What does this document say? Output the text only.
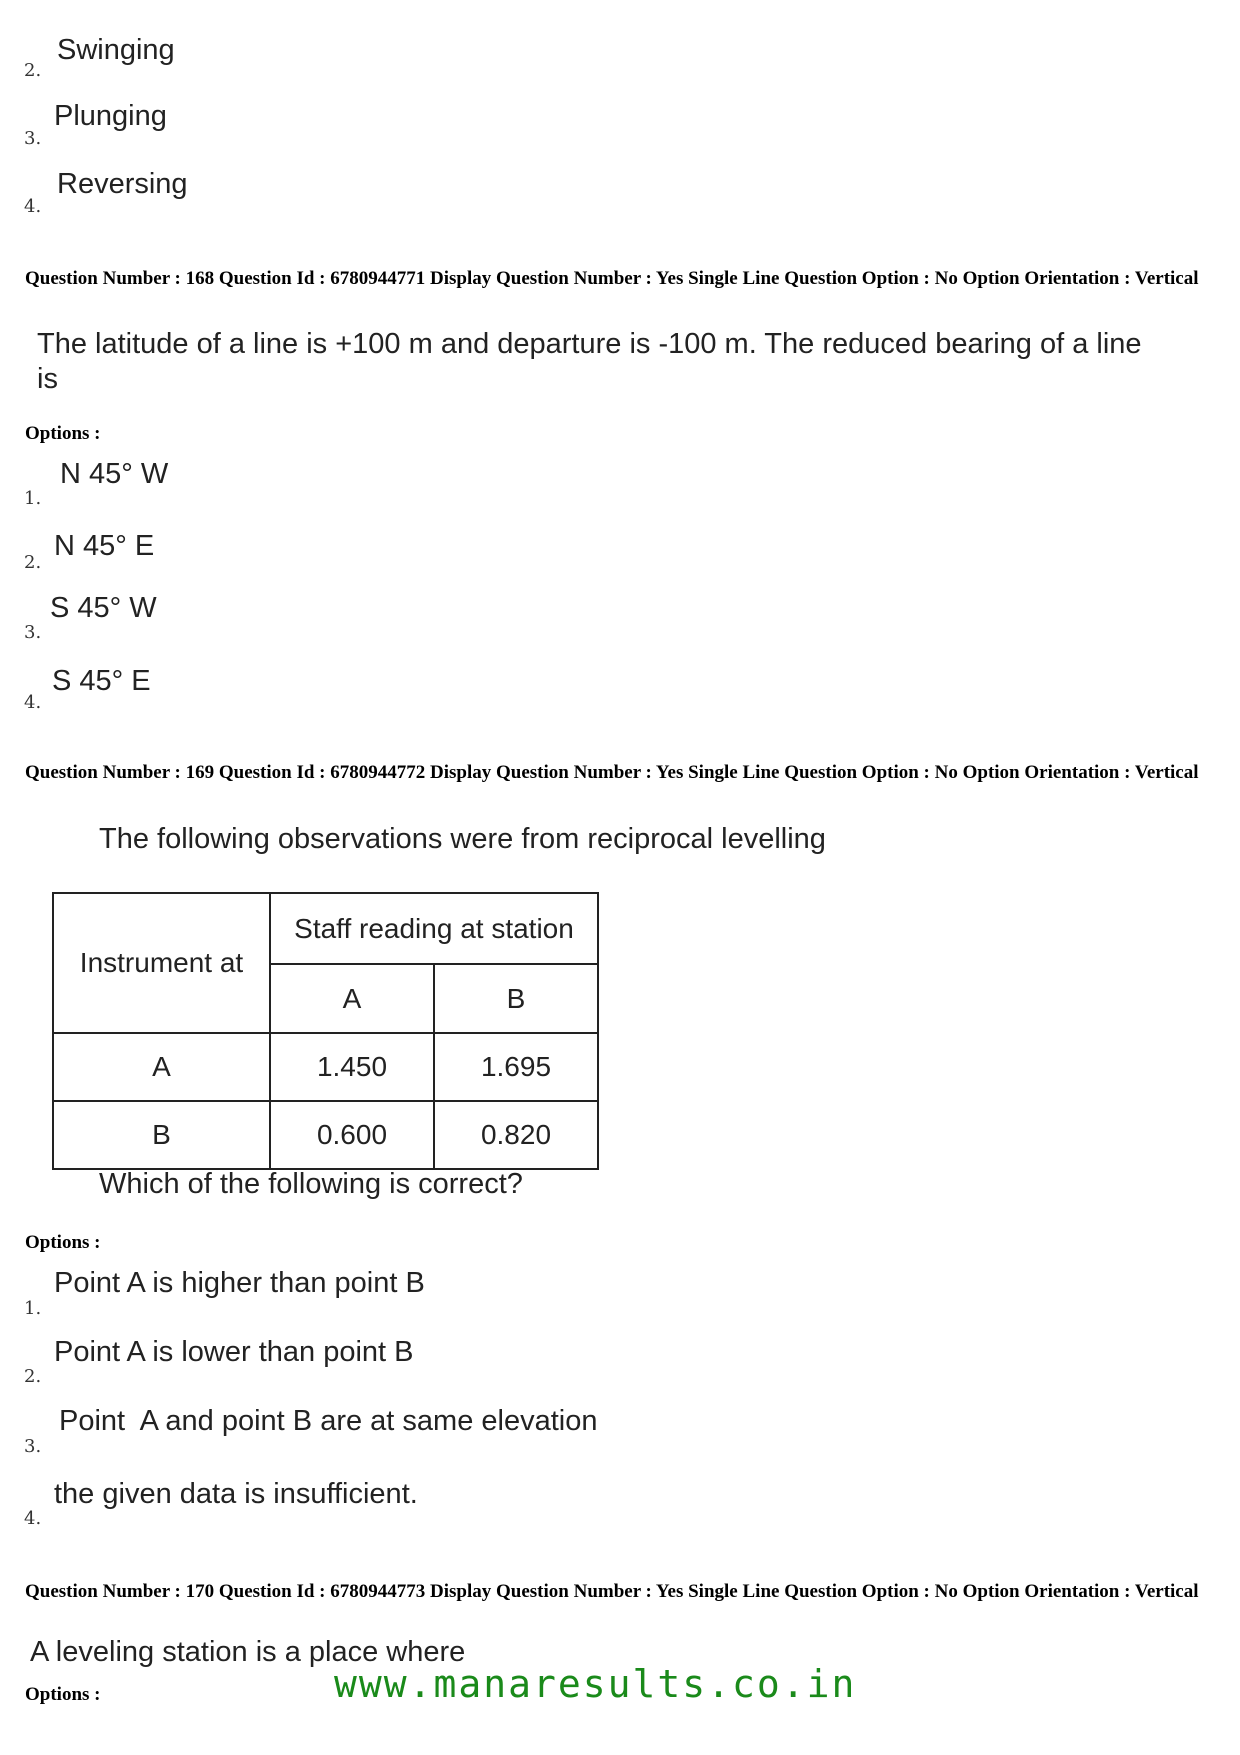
Swinging
2.
Plunging
3.
Reversing
4.
Question Number : 168 Question Id : 6780944771 Display Question Number : Yes Single Line Question Option : No Option Orientation : Vertical
The latitude of a line is +100 m and departure is -100 m. The reduced bearing of a line
is
Options :
N 45° W
1.
N 45° E
2.
S 45° W
3.
S 45° E
4.
Question Number : 169 Question Id : 6780944772 Display Question Number : Yes Single Line Question Option : No Option Orientation : Vertical
The following observations were from reciprocal levelling
Instrument at	Staff reading at station	
	A	B
A	1.450	1.695
B	0.600	0.820
Which of the following is correct?
Options :
Point A is higher than point B
1.
Point A is lower than point B
2.
Point  A and point B are at same elevation
3.
the given data is insufficient.
4.
Question Number : 170 Question Id : 6780944773 Display Question Number : Yes Single Line Question Option : No Option Orientation : Vertical
A leveling station is a place where
Options :	www.manaresults.co.in
